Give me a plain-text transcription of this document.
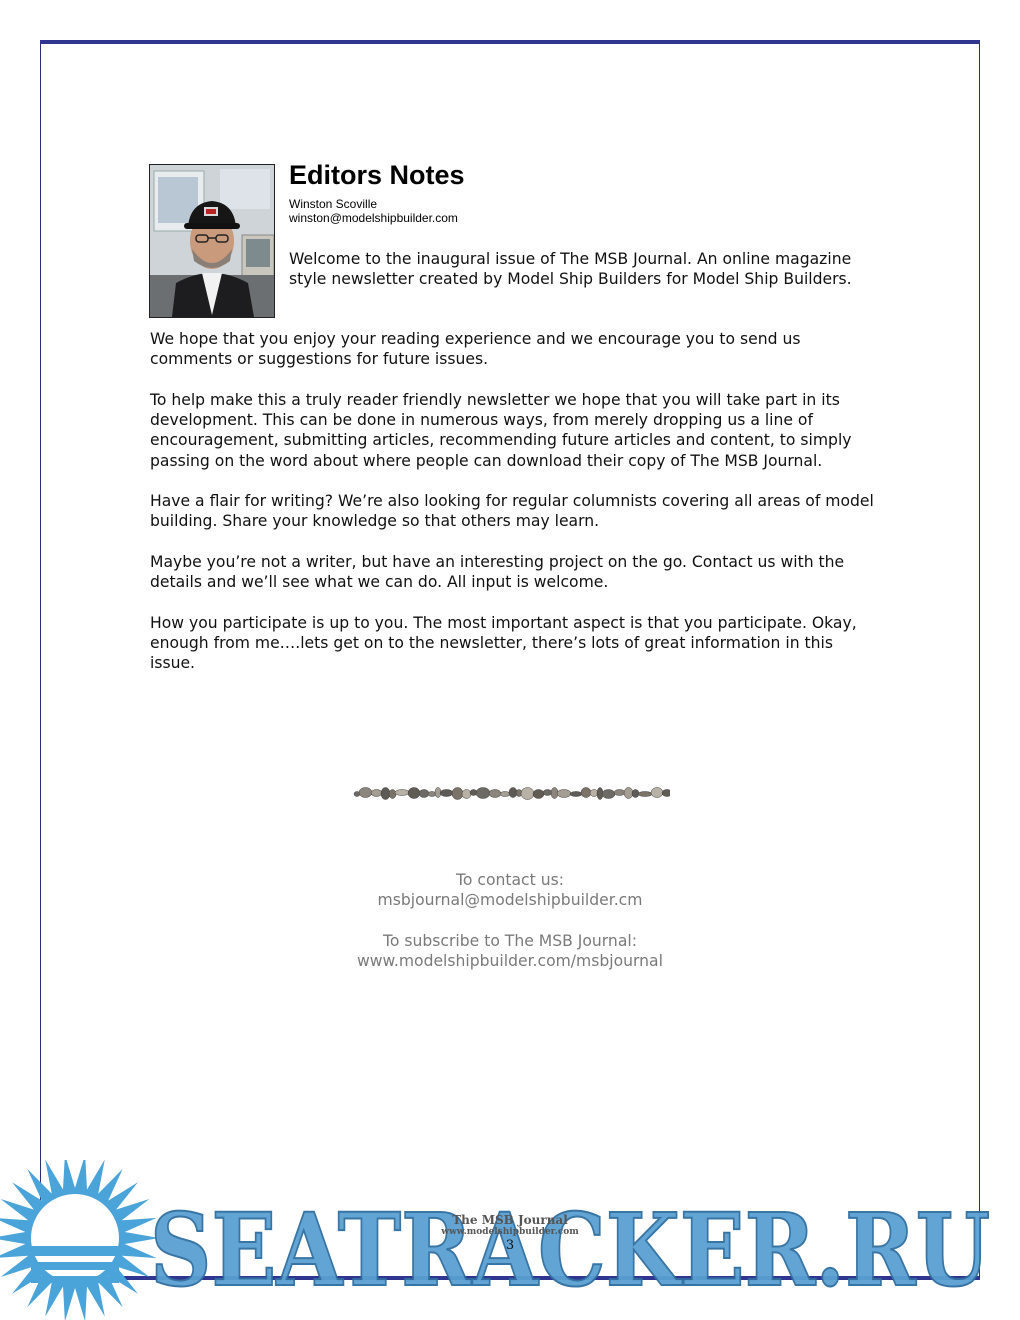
Editors Notes
Winston Scoville
winston@modelshipbuilder.com

Welcome to the inaugural issue of The MSB Journal. An online magazine style newsletter created by Model Ship Builders for Model Ship Builders.

We hope that you enjoy your reading experience and we encourage you to send us comments or suggestions for future issues.

To help make this a truly reader friendly newsletter we hope that you will take part in its development. This can be done in numerous ways, from merely dropping us a line of encouragement, submitting articles, recommending future articles and content, to simply passing on the word about where people can download their copy of The MSB Journal.

Have a flair for writing? We’re also looking for regular columnists covering all areas of model building. Share your knowledge so that others may learn.

Maybe you’re not a writer, but have an interesting project on the go. Contact us with the details and we’ll see what we can do. All input is welcome.

How you participate is up to you. The most important aspect is that you participate. Okay, enough from me….lets get on to the newsletter, there’s lots of great information in this issue.

To contact us:
msbjournal@modelshipbuilder.cm

To subscribe to The MSB Journal:
www.modelshipbuilder.com/msbjournal

SEATRACKER.RU
The MSB Journal
www.modelshipbuilder.com
3
